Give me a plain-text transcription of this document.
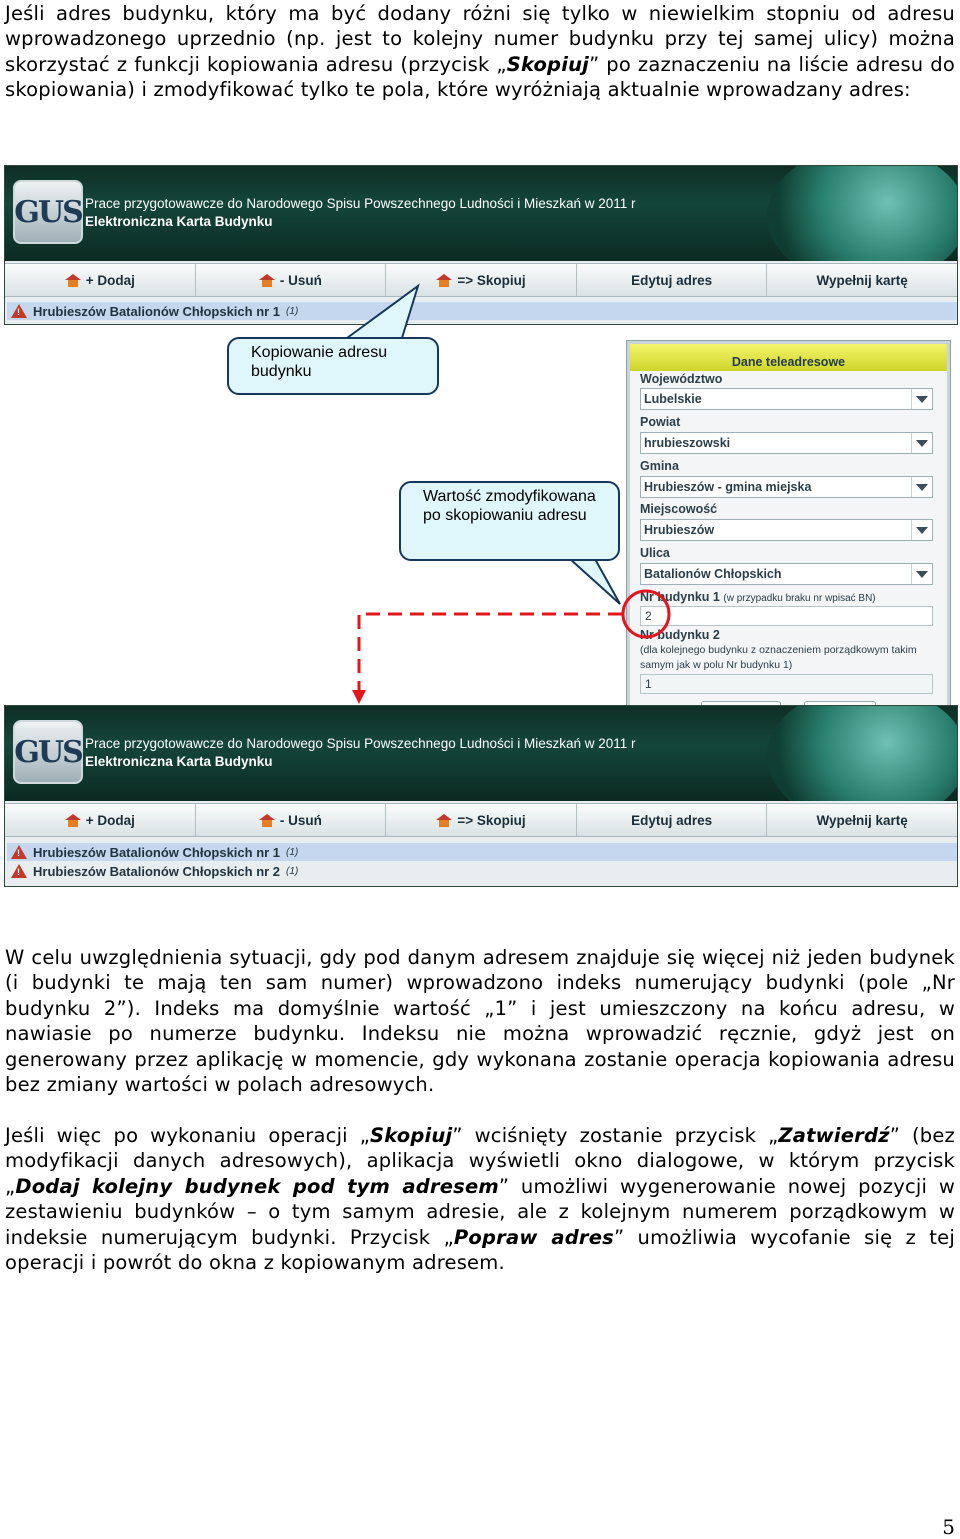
Jeśli adres budynku, który ma być dodany różni się tylko w niewielkim stopniu od adresu wprowadzonego uprzednio (np. jest to kolejny numer budynku przy tej samej ulicy) można skorzystać z funkcji kopiowania adresu (przycisk „Skopiuj” po zaznaczeniu na liście adresu do skopiowania) i zmodyfikować tylko te pola, które wyróżniają aktualnie wprowadzany adres:
GUS Prace przygotowawcze do Narodowego Spisu Powszechnego Ludności i Mieszkań w 2011 r
Elektroniczna Karta Budynku
+ Dodaj	- Usuń	=> Skopiuj	Edytuj adres	Wypełnij kartę
! Hrubieszów Batalionów Chłopskich nr 1 (1)
Dane teleadresowe
Województwo
Lubelskie
Powiat
hrubieszowski
Gmina
Hrubieszów - gmina miejska
Miejscowość
Hrubieszów
Ulica
Batalionów Chłopskich
Nr budynku 1 (w przypadku braku nr wpisać BN)
2
Nr budynku 2
(dla kolejnego budynku z oznaczeniem porządkowym takim samym jak w polu Nr budynku 1)
1
GUS Prace przygotowawcze do Narodowego Spisu Powszechnego Ludności i Mieszkań w 2011 r
Elektroniczna Karta Budynku
+ Dodaj	- Usuń	=> Skopiuj	Edytuj adres	Wypełnij kartę
! Hrubieszów Batalionów Chłopskich nr 1 (1)
! Hrubieszów Batalionów Chłopskich nr 2 (1)
Kopiowanie adresu budynku
Wartość zmodyfikowana po skopiowaniu adresu
W celu uwzględnienia sytuacji, gdy pod danym adresem znajduje się więcej niż jeden budynek (i budynki te mają ten sam numer) wprowadzono indeks numerujący budynki (pole „Nr budynku 2”). Indeks ma domyślnie wartość „1” i jest umieszczony na końcu adresu, w nawiasie po numerze budynku. Indeksu nie można wprowadzić ręcznie, gdyż jest on generowany przez aplikację w momencie, gdy wykonana zostanie operacja kopiowania adresu bez zmiany wartości w polach adresowych.
Jeśli więc po wykonaniu operacji „Skopiuj” wciśnięty zostanie przycisk „Zatwierdź” (bez modyfikacji danych adresowych), aplikacja wyświetli okno dialogowe, w którym przycisk „Dodaj kolejny budynek pod tym adresem” umożliwi wygenerowanie nowej pozycji w zestawieniu budynków – o tym samym adresie, ale z kolejnym numerem porządkowym w indeksie numerującym budynki. Przycisk „Popraw adres” umożliwia wycofanie się z tej operacji i powrót do okna z kopiowanym adresem.
5
